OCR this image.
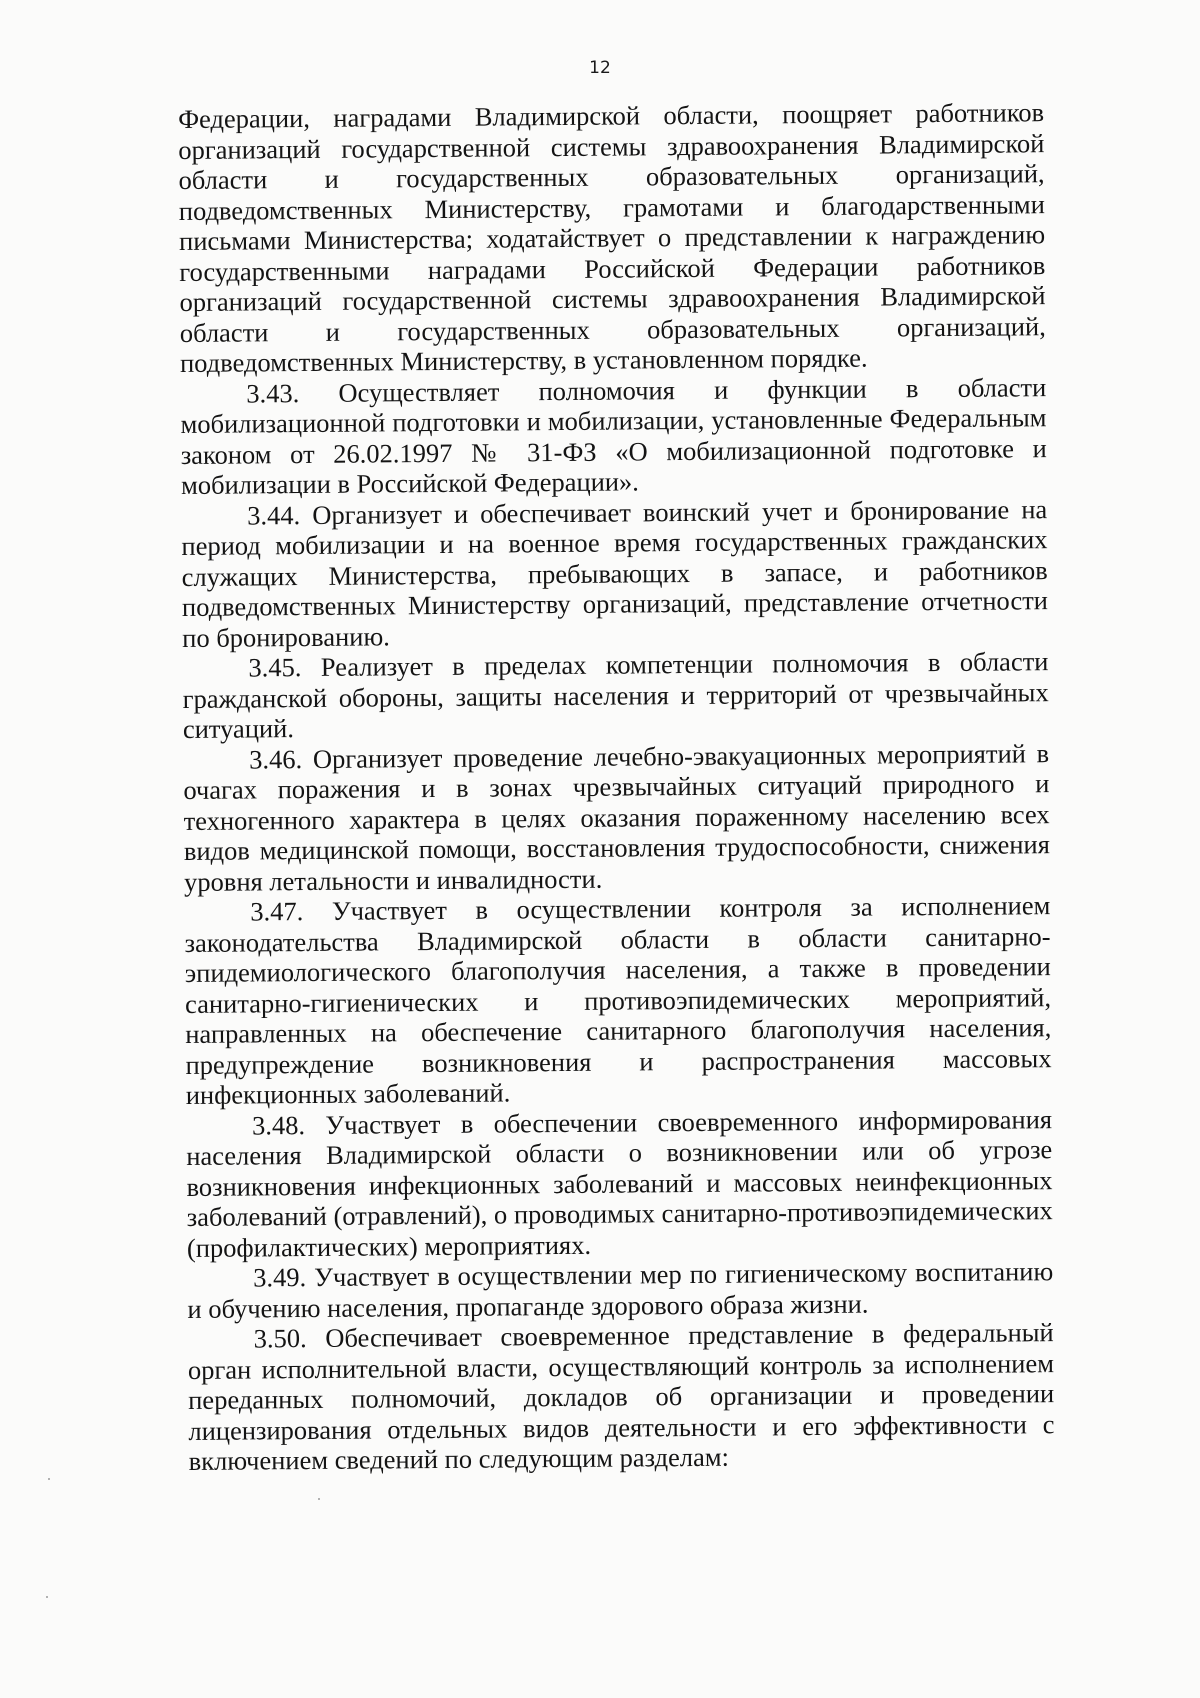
12

Федерации, наградами Владимирской области, поощряет работников организаций государственной системы здравоохранения Владимирской области и государственных образовательных организаций, подведомственных Министерству, грамотами и благодарственными письмами Министерства; ходатайствует о представлении к награждению государственными наградами Российской Федерации работников организаций государственной системы здравоохранения Владимирской области и государственных образовательных организаций, подведомственных Министерству, в установленном порядке.

3.43. Осуществляет полномочия и функции в области мобилизационной подготовки и мобилизации, установленные Федеральным законом от 26.02.1997 № 31-ФЗ «О мобилизационной подготовке и мобилизации в Российской Федерации».

3.44. Организует и обеспечивает воинский учет и бронирование на период мобилизации и на военное время государственных гражданских служащих Министерства, пребывающих в запасе, и работников подведомственных Министерству организаций, представление отчетности по бронированию.

3.45. Реализует в пределах компетенции полномочия в области гражданской обороны, защиты населения и территорий от чрезвычайных ситуаций.

3.46. Организует проведение лечебно-эвакуационных мероприятий в очагах поражения и в зонах чрезвычайных ситуаций природного и техногенного характера в целях оказания пораженному населению всех видов медицинской помощи, восстановления трудоспособности, снижения уровня летальности и инвалидности.

3.47. Участвует в осуществлении контроля за исполнением законодательства Владимирской области в области санитарно-эпидемиологического благополучия населения, а также в проведении санитарно-гигиенических и противоэпидемических мероприятий, направленных на обеспечение санитарного благополучия населения, предупреждение возникновения и распространения массовых инфекционных заболеваний.

3.48. Участвует в обеспечении своевременного информирования населения Владимирской области о возникновении или об угрозе возникновения инфекционных заболеваний и массовых неинфекционных заболеваний (отравлений), о проводимых санитарно-противоэпидемических (профилактических) мероприятиях.

3.49. Участвует в осуществлении мер по гигиеническому воспитанию и обучению населения, пропаганде здорового образа жизни.

3.50. Обеспечивает своевременное представление в федеральный орган исполнительной власти, осуществляющий контроль за исполнением переданных полномочий, докладов об организации и проведении лицензирования отдельных видов деятельности и его эффективности с включением сведений по следующим разделам:
